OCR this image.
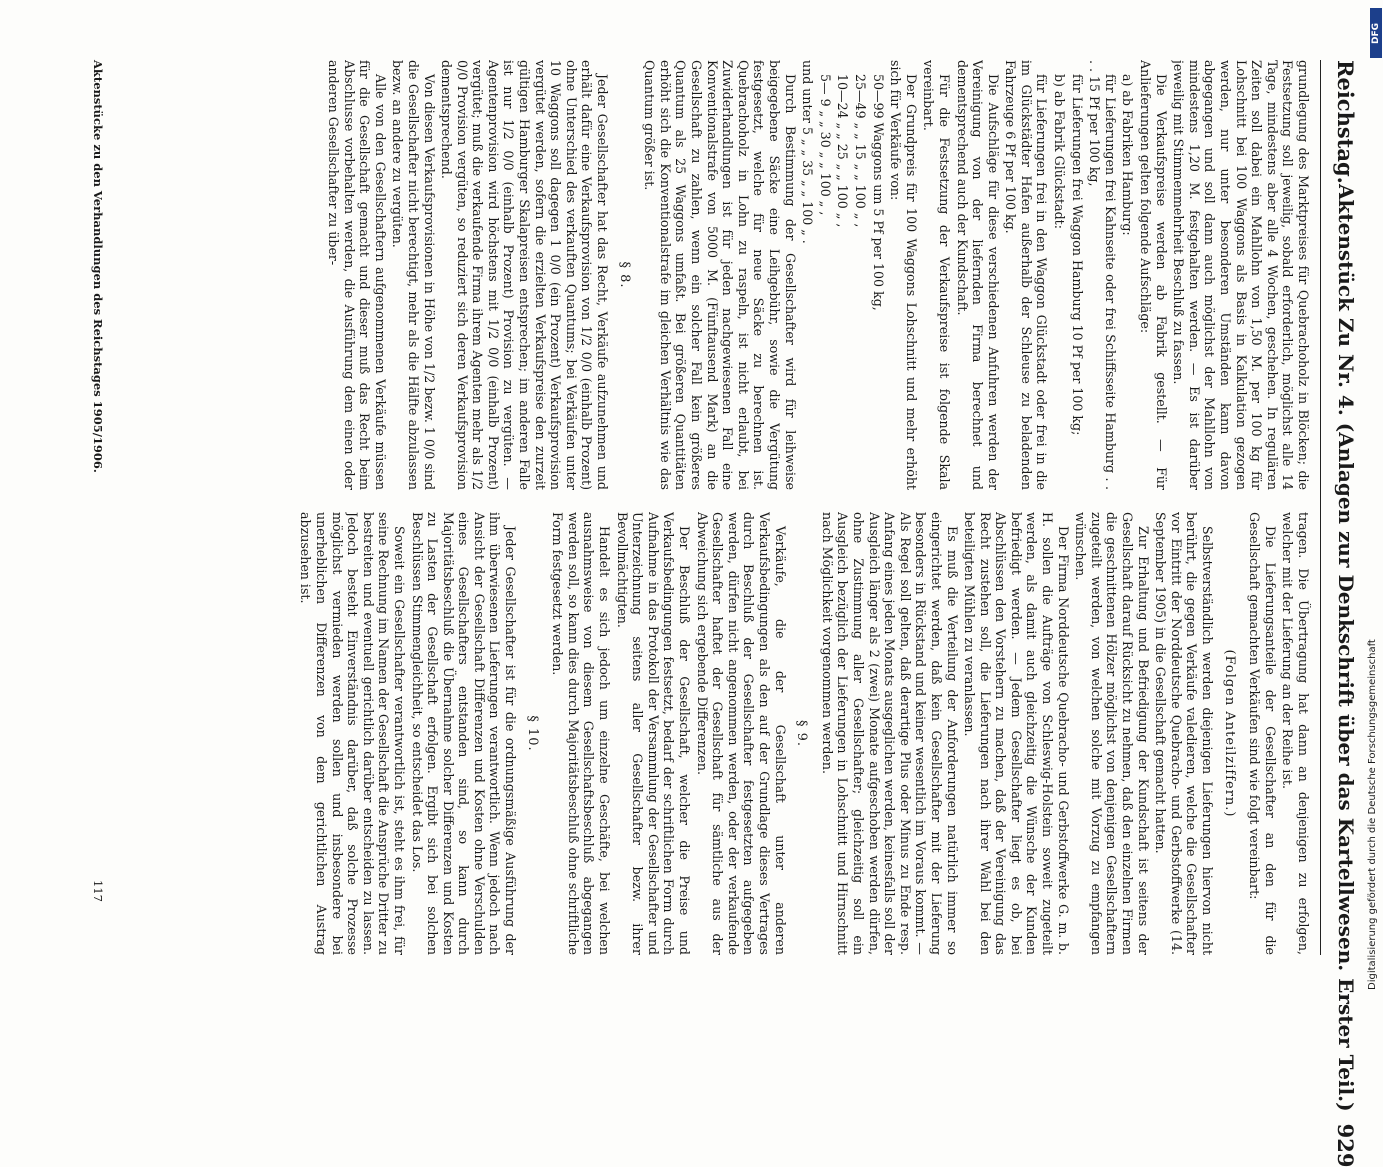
Reichstag.
Aktenstück Zu Nr. 4. (Anlagen zur Denkschrift über das Kartellwesen. Erster Teil.)
929

grundlegung des Marktpreises für Quebrachoholz in Blöcken; die Festsetzung soll jeweilig, sobald erforderlich, möglichst alle 14 Tage, mindestens aber alle 4 Wochen, geschehen. In regulären Zeiten soll dabei ein Mahllohn von 1,50 M. per 100 kg für Lohschnitt bei 100 Waggons als Basis in Kalkulation gezogen werden, nur unter besonderen Umständen kann davon abgegangen und soll dann auch möglichst der Mahllohn von mindestens 1,20 M. festgehalten werden. — Es ist darüber jeweilig mit Stimmenmehrheit Beschluß zu fassen.

Die Verkaufspreise werden ab Fabrik gestellt. — Für Anlieferungen gelten folgende Aufschläge:

a) ab Fabriken Hamburg:

für Lieferungen frei Kahnseite oder frei Schiffsseite Hamburg . . . . 15 Pf per 100 kg,

für Lieferungen frei Waggon Hamburg 10 Pf per 100 kg;

b) ab Fabrik Glückstadt:

für Lieferungen frei in den Waggon Glückstadt oder frei in die im Glückstädter Hafen außerhalb der Schleuse zu beladenden Fahrzeuge 6 Pf per 100 kg.

Die Aufschläge für diese verschiedenen Anfuhren werden der Vereinigung von der liefernden Firma berechnet und dementsprechend auch der Kundschaft.

Für die Festsetzung der Verkaufspreise ist folgende Skala vereinbart.

Der Grundpreis für 100 Waggons Lohschnitt und mehr erhöht sich für Verkäufe von:

50—99 Waggons um 5 Pf per 100 kg,

25—49 „ „ 15 „ „ 100 „ ,

10—24 „ „ 25 „ „ 100 „ ,

5— 9 „ „ 30 „ „ 100 „ ,

und unter 5 „ „ 35 „ „ 100 „ .

Durch Bestimmung der Gesellschafter wird für leihweise beigegebene Säcke eine Leihgebühr, sowie die Vergütung festgesetzt, welche für neue Säcke zu berechnen ist. Quebrachoholz in Lohn zu raspeln, ist nicht erlaubt, bei Zuwiderhandlungen ist für jeden nachgewiesenen Fall eine Konventionalstrafe von 5000 M. (Fünftausend Mark) an die Gesellschaft zu zahlen, wenn ein solcher Fall kein größeres Quantum als 25 Waggons umfaßt. Bei größeren Quantitäten erhöht sich die Konventionalstrafe im gleichen Verhältnis wie das Quantum größer ist.

§ 8.

Jeder Gesellschafter hat das Recht, Verkäufe aufzunehmen und erhält dafür eine Verkaufsprovision von 1/2 0/0 (einhalb Prozent) ohne Unterschied des verkauften Quantums; bei Verkäufen unter 10 Waggons soll dagegen 1 0/0 (ein Prozent) Verkaufsprovision vergütet werden, sofern die erzielten Verkaufspreise den zurzeit gültigen Hamburger Skalapreisen entsprechen; im anderen Falle ist nur 1/2 0/0 (einhalb Prozent) Provision zu vergüten. — Agentenprovision wird höchstens mit 1/2 0/0 (einhalb Prozent) vergütet; muß die verkaufende Firma ihrem Agenten mehr als 1/2 0/0 Provision vergüten, so reduziert sich deren Verkaufsprovision dementsprechend.

Von diesen Verkaufsprovisionen in Höhe von 1/2 bezw. 1 0/0 sind die Gesellschafter nicht berechtigt, mehr als die Hälfte abzulassen bezw. an andere zu vergüten.

Alle von den Gesellschaftern aufgenommenen Verkäufe müssen für die Gesellschaft gemacht und dieser muß das Recht beim Abschlusse vorbehalten werden, die Ausführung dem einen oder anderen Gesellschafter zu über-

tragen. Die Übertragung hat dann an denjenigen zu erfolgen, welcher mit der Lieferung an der Reihe ist.

Die Lieferungsanteile der Gesellschafter an den für die Gesellschaft gemachten Verkäufen sind wie folgt vereinbart:

(Folgen Anteilziffern.)

Selbstverständlich werden diejenigen Lieferungen hiervon nicht berührt, die gegen Verkäufe valedieren, welche die Gesellschafter vor Eintritt der Norddeutsche Quebracho- und Gerbstoffwerke (14. September 1905) in die Gesellschaft gemacht hatten.

Zur Erhaltung und Befriedigung der Kundschaft ist seitens der Gesellschaft darauf Rücksicht zu nehmen, daß den einzelnen Firmen die geschnittenen Hölzer möglichst von denjenigen Gesellschaftern zugeteilt werden, von welchen solche mit Vorzug zu empfangen wünschen.

Der Firma Norddeutsche Quebracho- und Gerbstoffwerke G. m. b. H. sollen die Aufträge von Schleswig-Holstein soweit zugeteilt werden, als damit auch gleichzeitig die Wünsche der Kunden befriedigt werden. — Jedem Gesellschafter liegt es ob, bei Abschlüssen den Vorstehern zu machen, daß der Vereinigung das Recht zustehen soll, die Lieferungen nach ihrer Wahl bei den beteiligten Mühlen zu veranlassen.

Es muß die Verteilung der Anforderungen natürlich immer so eingerichtet werden, daß kein Gesellschafter mit der Lieferung besonders in Rückstand und keiner wesentlich im Voraus kommt. — Als Regel soll gelten, daß derartige Plus oder Minus zu Ende resp. Anfang eines jeden Monats ausgeglichen werden, keinesfalls soll der Ausgleich länger als 2 (zwei) Monate aufgeschoben werden dürfen, ohne Zustimmung aller Gesellschafter; gleichzeitig soll ein Ausgleich bezüglich der Lieferungen in Lohschnitt und Hirnschnitt nach Möglichkeit vorgenommen werden.

§ 9.

Verkäufe, die der Gesellschaft unter anderen Verkaufsbedingungen als den auf der Grundlage dieses Vertrages durch Beschluß der Gesellschafter festgesetzten aufgegeben werden, dürfen nicht angenommen werden, oder der verkaufende Gesellschafter haftet der Gesellschaft für sämtliche aus der Abweichung sich ergebende Differenzen.

Der Beschluß der Gesellschaft, welcher die Preise und Verkaufsbedingungen festsetzt, bedarf der schriftlichen Form durch Aufnahme in das Protokoll der Versammlung der Gesellschafter und Unterzeichnung seitens aller Gesellschafter bezw. ihrer Bevollmächtigten.

Handelt es sich jedoch um einzelne Geschäfte, bei welchen ausnahmsweise von diesem Gesellschaftsbeschluß abgegangen werden soll, so kann dies durch Majoritätsbeschluß ohne schriftliche Form festgesetzt werden.

§ 10.

Jeder Gesellschafter ist für die ordnungsmäßige Ausführung der ihm überwiesenen Lieferungen verantwortlich. Wenn jedoch nach Ansicht der Gesellschaft Differenzen und Kosten ohne Verschulden eines Gesellschafters entstanden sind, so kann durch Majoritätsbeschluß die Übernahme solcher Differenzen und Kosten zu Lasten der Gesellschaft erfolgen. Ergibt sich bei solchen Beschlüssen Stimmengleichheit, so entscheidet das Los.

Soweit ein Gesellschafter verantwortlich ist, steht es ihm frei, für seine Rechnung im Namen der Gesellschaft die Ansprüche Dritter zu bestreiten und eventuell gerichtlich darüber entscheiden zu lassen. Jedoch besteht Einverständnis darüber, daß solche Prozesse möglichst vermieden werden sollen und insbesondere bei unerheblichen Differenzen von dem gerichtlichen Austrag abzusehen ist.

Aktenstücke zu den Verhandlungen des Reichstages 1905/1906.
117	Digitalisierung gefördert durch die Deutsche Forschungsgemeinschaft
DFG
